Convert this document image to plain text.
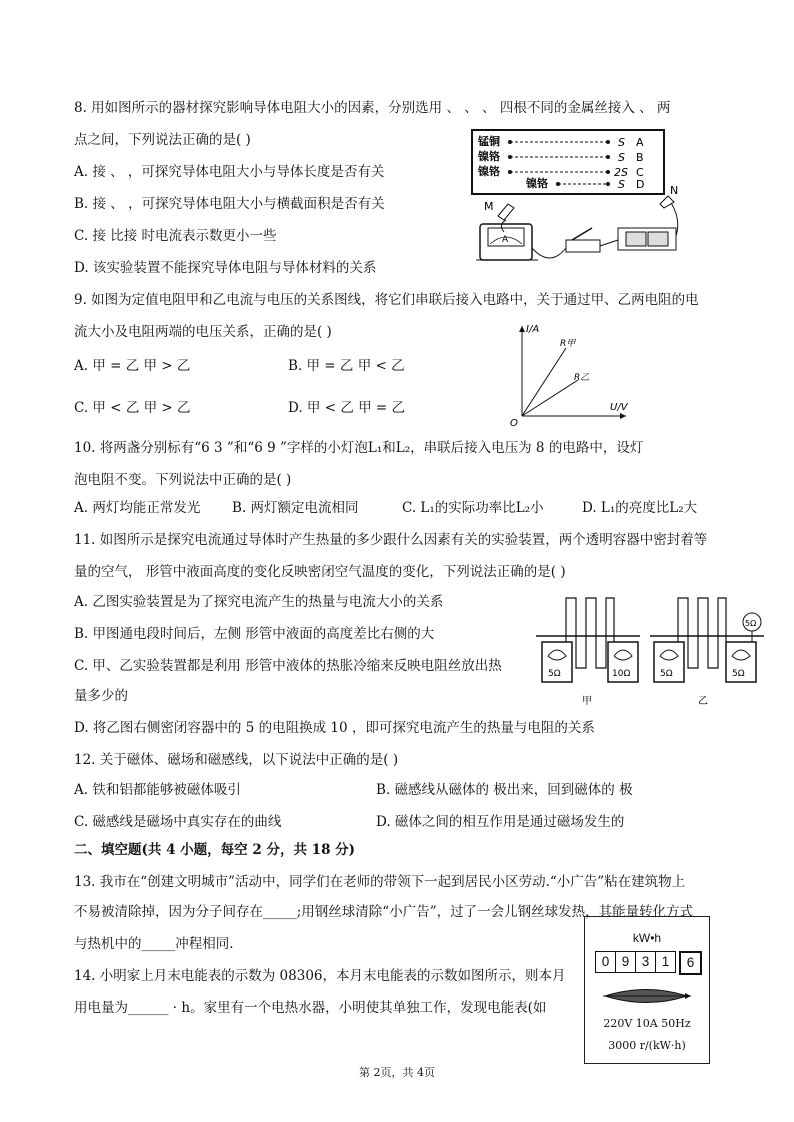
8. 用如图所示的器材探究影响导体电阻大小的因素，分别选用 、 、 、 四根不同的金属丝接入 、 两
点之间，下列说法正确的是( )
A. 接 、 ，可探究导体电阻大小与导体长度是否有关
B. 接 、 ，可探究导体电阻大小与横截面积是否有关
C. 接 比接 时电流表示数更小一些
D. 该实验装置不能探究导体电阻与导体材料的关系
锰铜
镍铬
镍铬
镍铬
S
S
2S
S
A
B
C
D
A
M
N
9. 如图为定值电阻甲和乙电流与电压的关系图线，将它们串联后接入电路中，关于通过甲、乙两电阻的电
流大小及电阻两端的电压关系，正确的是( )
A. 甲 = 乙 甲 > 乙	B. 甲 = 乙 甲 < 乙
C. 甲 < 乙 甲 > 乙	D. 甲 < 乙 甲 = 乙
I/A
U/V
O
R甲
R乙
10. 将两盏分别标有“6 3 ”和“6 9 ”字样的小灯泡L₁和L₂，串联后接入电压为 8 的电路中，设灯
泡电阻不变。下列说法中正确的是( )
A. 两灯均能正常发光 B. 两灯额定电流相同	C. L₁的实际功率比L₂小	D. L₁的亮度比L₂大
11. 如图所示是探究电流通过导体时产生热量的多少跟什么因素有关的实验装置，两个透明容器中密封着等
量的空气， 形管中液面高度的变化反映密闭空气温度的变化，下列说法正确的是( )
A. 乙图实验装置是为了探究电流产生的热量与电流大小的关系
B. 甲图通电段时间后，左侧 形管中液面的高度差比右侧的大
C. 甲、乙实验装置都是利用 形管中液体的热胀冷缩来反映电阻丝放出热
量多少的
D. 将乙图右侧密闭容器中的 5 的电阻换成 10 ，即可探究电流产生的热量与电阻的关系
5Ω	10Ω
甲
5Ω	5Ω
5Ω
乙
12. 关于磁体、磁场和磁感线，以下说法中正确的是( )
A. 铁和铝都能够被磁体吸引	B. 磁感线从磁体的 极出来，回到磁体的 极
C. 磁感线是磁场中真实存在的曲线	D. 磁体之间的相互作用是通过磁场发生的
二、填空题(共 4 小题，每空 2 分，共 18 分)
13. 我市在“创建文明城市”活动中，同学们在老师的带领下一起到居民小区劳动.“小广告”粘在建筑物上
不易被清除掉，因为分子间存在_____;用钢丝球清除“小广告”，过了一会儿钢丝球发热，其能量转化方式
与热机中的_____冲程相同.
14. 小明家上月末电能表的示数为 08306，本月末电能表的示数如图所示，则本月
用电量为______ · h。家里有一个电热水器，小明使其单独工作，发现电能表(如
kW•h
0 9 3 1	6
220V 10A 50Hz
3000 r/(kW·h)
第 2页，共 4页
